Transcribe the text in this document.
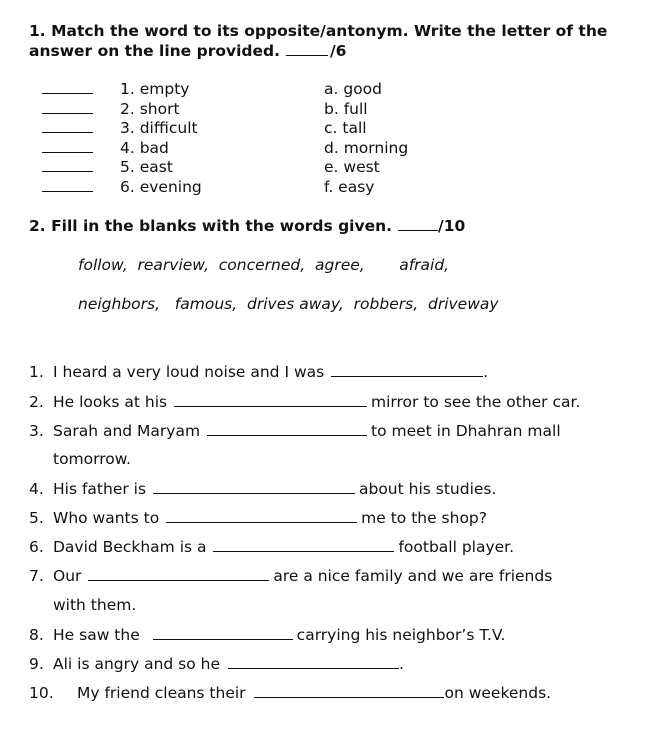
1. Match the word to its opposite/antonym. Write the letter of the answer on the line provided.	/6
1. empty	a. good
2. short	b. full
3. difficult	c. tall
4. bad	d. morning
5. east	e. west
6. evening	f. easy
2. Fill in the blanks with the words given.	/10
follow,  rearview,  concerned,  agree,       afraid,
neighbors,   famous,  drives away,  robbers,  driveway
1. I heard a very loud noise and I was	.
2. He looks at his	mirror to see the other car.
3. Sarah and Maryam	to meet in Dhahran mall
tomorrow.
4. His father is	about his studies.
5. Who wants to	me to the shop?
6. David Beckham is a	football player.
7. Our	are a nice family and we are friends
with them.
8. He saw the	carrying his neighbor’s T.V.
9. Ali is angry and so he	.
10. My friend cleans their	on weekends.
